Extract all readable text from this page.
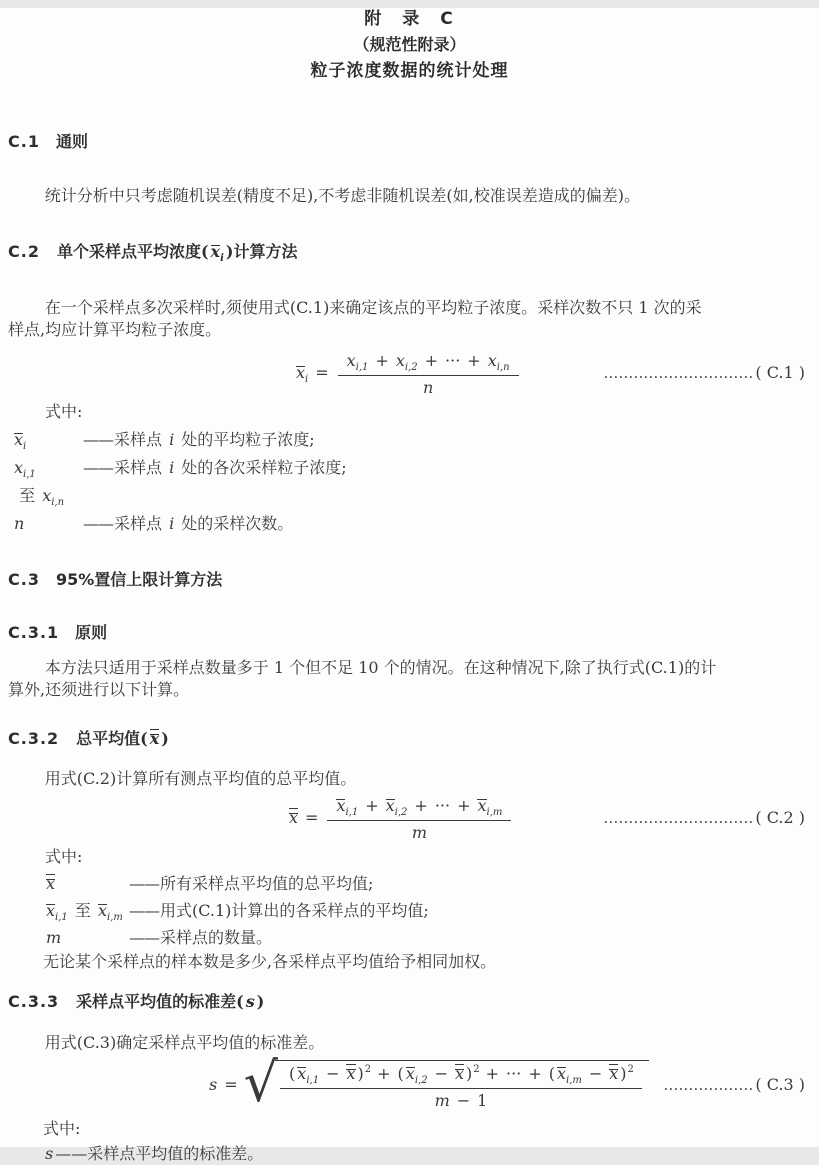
附　录　C
（规范性附录）
粒子浓度数据的统计处理
C.1 通则
统计分析中只考虑随机误差(精度不足),不考虑非随机误差(如,校准误差造成的偏差)。
C.2 单个采样点平均浓度( $x_i$ )计算方法
在一个采样点多次采样时,须使用式(C.1)来确定该点的平均粒子浓度。采样次数不只 1 次的采
样点,均应计算平均粒子浓度。
$x_i = \frac{x_{i,1} + x_{i,2} + \cdot\cdot\cdot + x_{i,n}}{n}$	………………………… ( C.1 )
式中:
$x_i$	—— 采样点 i 处的平均粒子浓度;
$x_{i,1}$ 至 $x_{i,n}$
—— 采样点 i 处的各次采样粒子浓度;
n	—— 采样点 i 处的采样次数。
C.3 95%置信上限计算方法
C.3.1 原则
本方法只适用于采样点数量多于 1 个但不足 10 个的情况。在这种情况下,除了执行式(C.1)的计
算外,还须进行以下计算。
C.3.2 总平均值( x )
用式(C.2)计算所有测点平均值的总平均值。
$x = \frac{x_{i,1} + x_{i,2} + \cdot\cdot\cdot + x_{i,m}}{m}$	………………………… ( C.2 )
式中:
x	—— 所有采样点平均值的总平均值;
$x_{i,1}$ 至 $x_{i,m}$ —— 用式(C.1)计算出的各采样点的平均值;
m	—— 采样点的数量。
无论某个采样点的样本数是多少,各采样点平均值给予相同加权。
C.3.3 采样点平均值的标准差( s )
用式(C.3)确定采样点平均值的标准差。
s = √ $\frac{( x_{i,1} - x )^2 + ( x_{i,2} - x )^2 + \cdot\cdot\cdot + ( x_{i,m} - x )^2}{m - 1}$ ……………… ( C.3 )
式中:
s ——采样点平均值的标准差。
